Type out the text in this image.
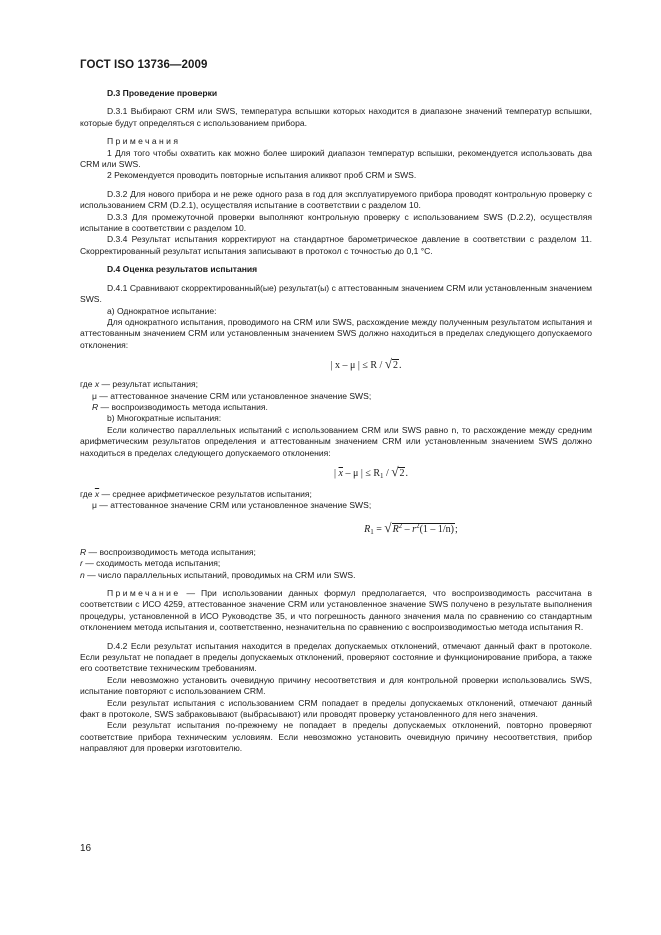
ГОСТ ISO 13736—2009

D.3 Проведение проверки

D.3.1 Выбирают CRM или SWS, температура вспышки которых находится в диапазоне значений температур вспышки, которые будут определяться с использованием прибора.

Примечания

1 Для того чтобы охватить как можно более широкий диапазон температур вспышки, рекомендуется использовать два CRM или SWS.

2 Рекомендуется проводить повторные испытания аликвот проб CRM и SWS.

D.3.2 Для нового прибора и не реже одного раза в год для эксплуатируемого прибора проводят контрольную проверку с использованием CRM (D.2.1), осуществляя испытание в соответствии с разделом 10.

D.3.3 Для промежуточной проверки выполняют контрольную проверку с использованием SWS (D.2.2), осуществляя испытание в соответствии с разделом 10.

D.3.4 Результат испытания корректируют на стандартное барометрическое давление в соответствии с разделом 11. Скорректированный результат испытания записывают в протокол с точностью до 0,1 °С.

D.4 Оценка результатов испытания

D.4.1 Сравнивают скорректированный(ые) результат(ы) с аттестованным значением CRM или установленным значением SWS.

а) Однократное испытание:

Для однократного испытания, проводимого на CRM или SWS, расхождение между полученным результатом испытания и аттестованным значением CRM или установленным значением SWS должно находиться в пределах следующего допускаемого отклонения:

| x – μ | ≤ R / √2.

где x — результат испытания;

μ — аттестованное значение CRM или установленное значение SWS;

R — воспроизводимость метода испытания.

b) Многократные испытания:

Если количество параллельных испытаний с использованием CRM или SWS равно n, то расхождение между средним арифметическим результатов определения и аттестованным значением CRM или установленным значением SWS должно находиться в пределах следующего допускаемого отклонения:

| $\overline{x}$ – μ | ≤ $R_1 / √2$.

где $\overline{x}$ — среднее арифметическое результатов испытания;

μ — аттестованное значение CRM или установленное значение SWS;

$R_1 = √R^2 - r^2(1 - 1/n)$;

R — воспроизводимость метода испытания;

r — сходимость метода испытания;

n — число параллельных испытаний, проводимых на CRM или SWS.

Примечание — При использовании данных формул предполагается, что воспроизводимость рассчитана в соответствии с ИСО 4259, аттестованное значение CRM или установленное значение SWS получено в результате выполнения процедуры, установленной в ИСО Руководстве 35, и что погрешность данного значения мала по сравнению со стандартным отклонением метода испытания и, соответственно, незначительна по сравнению с воспроизводимостью метода испытания R.

D.4.2 Если результат испытания находится в пределах допускаемых отклонений, отмечают данный факт в протоколе. Если результат не попадает в пределы допускаемых отклонений, проверяют состояние и функционирование прибора, а также его соответствие техническим требованиям.

Если невозможно установить очевидную причину несоответствия и для контрольной проверки использовались SWS, испытание повторяют с использованием CRM.

Если результат испытания с использованием CRM попадает в пределы допускаемых отклонений, отмечают данный факт в протоколе, SWS забраковывают (выбрасывают) или проводят проверку установленного для него значения.

Если результат испытания по-прежнему не попадает в пределы допускаемых отклонений, повторно проверяют соответствие прибора техническим условиям. Если невозможно установить очевидную причину несоответствия, прибор направляют для проверки изготовителю.

16
